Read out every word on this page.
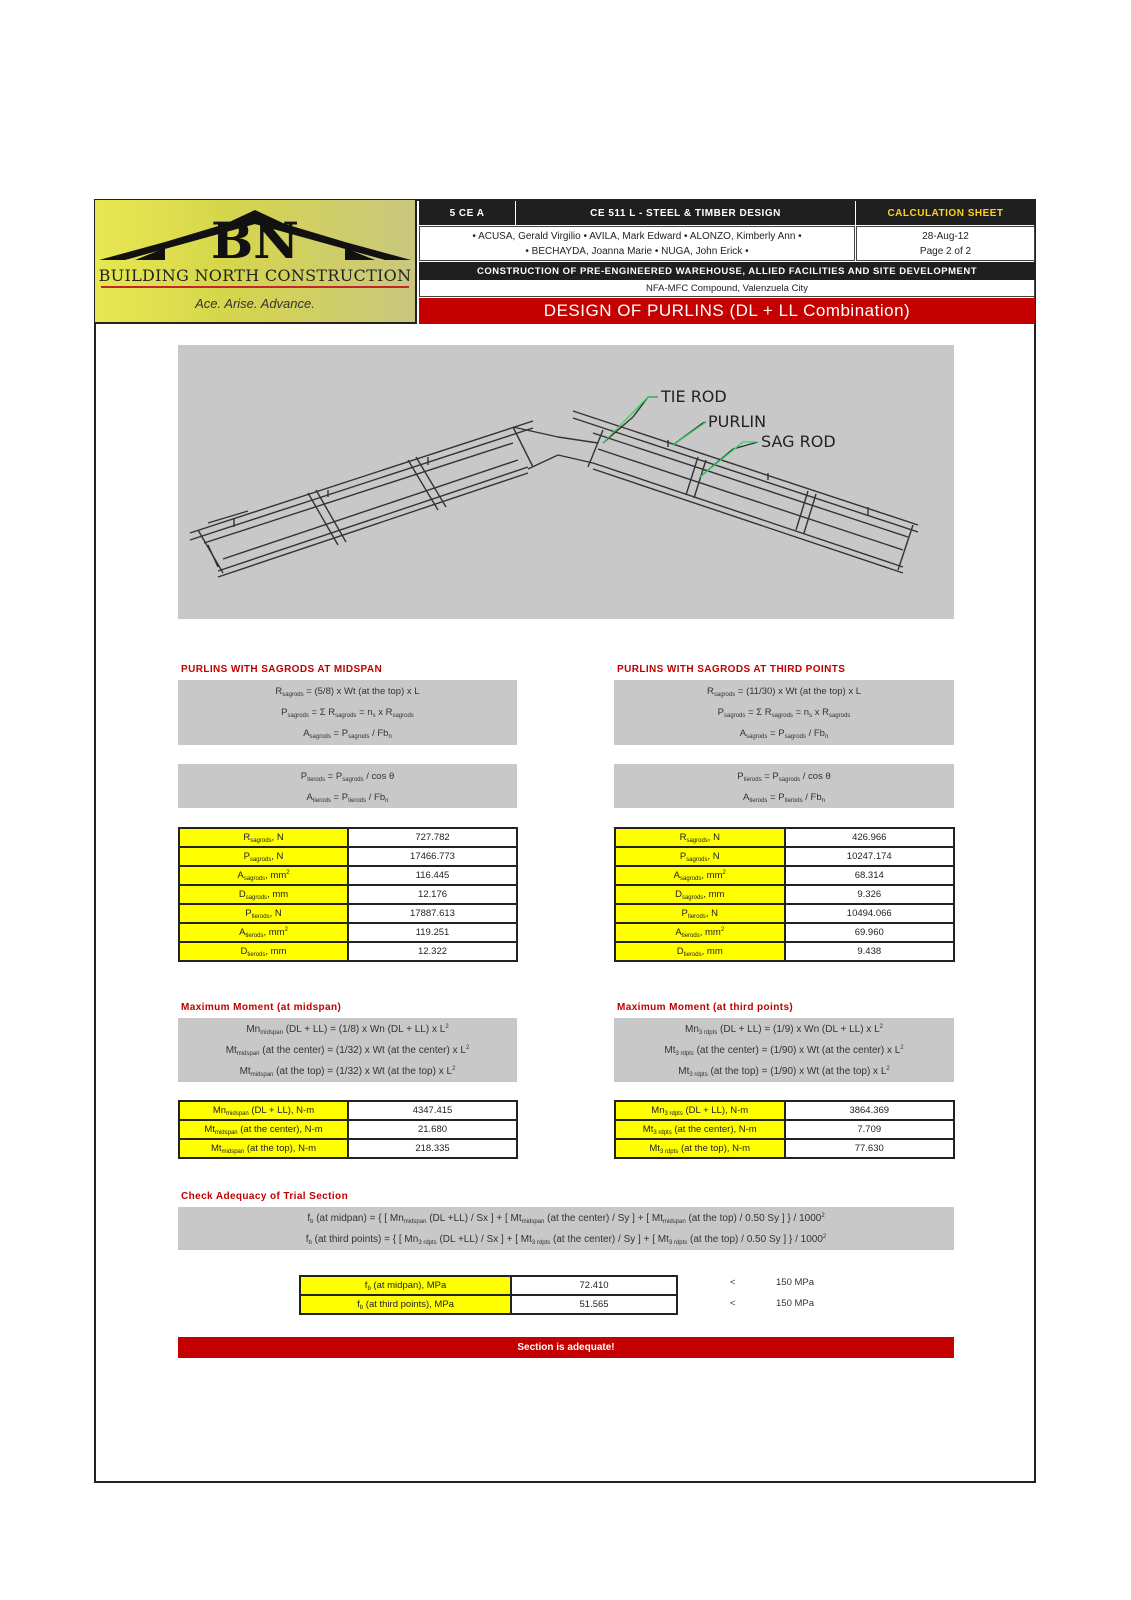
BN
BUILDING NORTH CONSTRUCTION
Ace. Arise. Advance.
5 CE A	CE 511 L - STEEL & TIMBER DESIGN	CALCULATION SHEET
• ACUSA, Gerald Virgilio • AVILA, Mark Edward • ALONZO, Kimberly Ann •
• BECHAYDA, Joanna Marie • NUGA, John Erick •
28-Aug-12
Page 2 of 2
CONSTRUCTION OF PRE-ENGINEERED WAREHOUSE, ALLIED FACILITIES AND SITE DEVELOPMENT
NFA-MFC Compound, Valenzuela City
DESIGN OF PURLINS (DL + LL Combination)
TIE ROD
PURLIN
SAG ROD
PURLINS WITH SAGRODS AT MIDSPAN	PURLINS WITH SAGRODS AT THIRD POINTS
$R_{sagrods} = (5/8)$ x Wt (at the top) x L
$P_{sagrods} = \Sigma$ $R_{sagrods} = n_s$ x $R_{sagrods}$
$A_{sagrods} = P_{sagrods} / Fb_n$
$R_{sagrods} = (11/30)$ x Wt (at the top) x L
$P_{sagrods} = \Sigma$ $R_{sagrods} = n_s$ x $R_{sagrods}$
$A_{sagrods} = P_{sagrods} / Fb_n$
$P_{tierods} = P_{sagrods} / \cos \theta$
$A_{tierods} = P_{tierods} / Fb_n$
$P_{tierods} = P_{sagrods} / \cos \theta$
$A_{tierods} = P_{tierods} / Fb_n$
$R_{sagrods}$, N	727.782
$P_{sagrods}$, N	17466.773
$A_{sagrods}$, $mm^2$	116.445
$D_{sagrods}$, mm	12.176
$P_{tierods}$, N	17887.613
$A_{tierods}$, $mm^2$	119.251
$D_{tierods}$, mm	12.322
$R_{sagrods}$, N	426.966
$P_{sagrods}$, N	10247.174
$A_{sagrods}$, $mm^2$	68.314
$D_{sagrods}$, mm	9.326
$P_{tierods}$, N	10494.066
$A_{tierods}$, $mm^2$	69.960
$D_{tierods}$, mm	9.438
Maximum Moment (at midspan)	Maximum Moment (at third points)
$Mn_{midspan}$ (DL + LL) = (1/8) x Wn (DL + LL) x $L^2$
$Mt_{midspan}$ (at the center) = (1/32) x Wt (at the center) x $L^2$
$Mt_{midspan}$ (at the top) = (1/32) x Wt (at the top) x $L^2$
$Mn_{3 rdpts}$ (DL + LL) = (1/9) x Wn (DL + LL) x $L^2$
$Mt_{3 rdpts}$ (at the center) = (1/90) x Wt (at the center) x $L^2$
$Mt_{3 rdpts}$ (at the top) = (1/90) x Wt (at the top) x $L^2$
$Mn_{midspan}$ (DL + LL), N-m	4347.415
$Mt_{midspan}$ (at the center), N-m	21.680
$Mt_{midspan}$ (at the top), N-m	218.335
$Mn_{3 rdpts}$ (DL + LL), N-m	3864.369
$Mt_{3 rdpts}$ (at the center), N-m	7.709
$Mt_{3 rdpts}$ (at the top), N-m	77.630
Check Adequacy of Trial Section
$f_b$ (at midpan) = { [ $Mn_{midspan}$ (DL +LL) / Sx ] + [ $Mt_{midspan}$ (at the center) / Sy ] + [ $Mt_{midspan}$ (at the top) / 0.50 Sy ] } / 1000$^2$
$f_b$ (at third points) = { [ $Mn_{3 rdpts}$ (DL +LL) / Sx ] + [ $Mt_{3 rdpts}$ (at the center) / Sy ] + [ $Mt_{3 rdpts}$ (at the top) / 0.50 Sy ] } / 1000$^2$
$f_b$ (at midpan), MPa	72.410
$f_b$ (at third points), MPa	51.565
<	150 MPa
<	150 MPa
Section is adequate!
